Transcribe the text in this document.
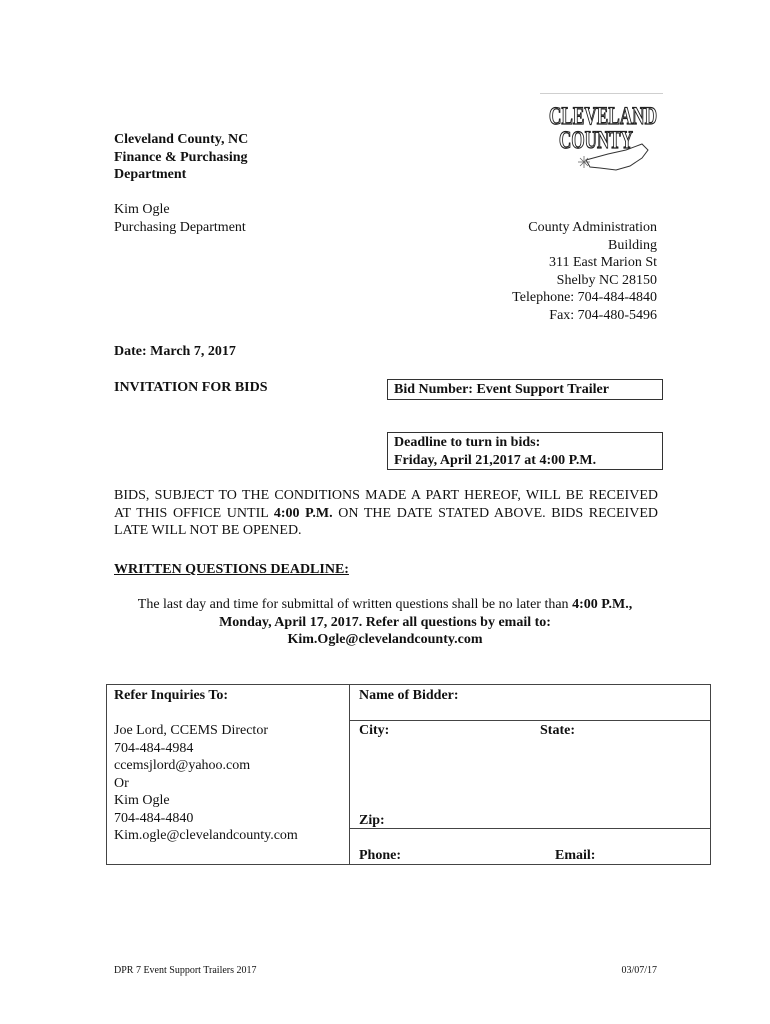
CLEVELAND
COUNTY
Cleveland County, NC
Finance & Purchasing
Department
Kim Ogle
Purchasing Department	County Administration
Building
311 East Marion St
Shelby NC 28150
Telephone: 704-484-4840
Fax: 704-480-5496
Date: March 7, 2017
INVITATION FOR BIDS	Bid Number: Event Support Trailer
Deadline to turn in bids:
Friday, April 21,2017 at 4:00 P.M.
BIDS, SUBJECT TO THE CONDITIONS MADE A PART HEREOF, WILL BE RECEIVED AT THIS OFFICE UNTIL 4:00 P.M. ON THE DATE STATED ABOVE. BIDS RECEIVED LATE WILL NOT BE OPENED.
WRITTEN QUESTIONS DEADLINE:
The last day and time for submittal of written questions shall be no later than 4:00 P.M.,
Monday, April 17, 2017. Refer all questions by email to:
Kim.Ogle@clevelandcounty.com
Refer Inquiries To:
Joe Lord, CCEMS Director
704-484-4984
ccemsjlord@yahoo.com
Or
Kim Ogle
704-484-4840
Kim.ogle@clevelandcounty.com
Name of Bidder:
City:	State:
Zip:
Phone:	Email:
DPR 7 Event Support Trailers 2017	03/07/17
